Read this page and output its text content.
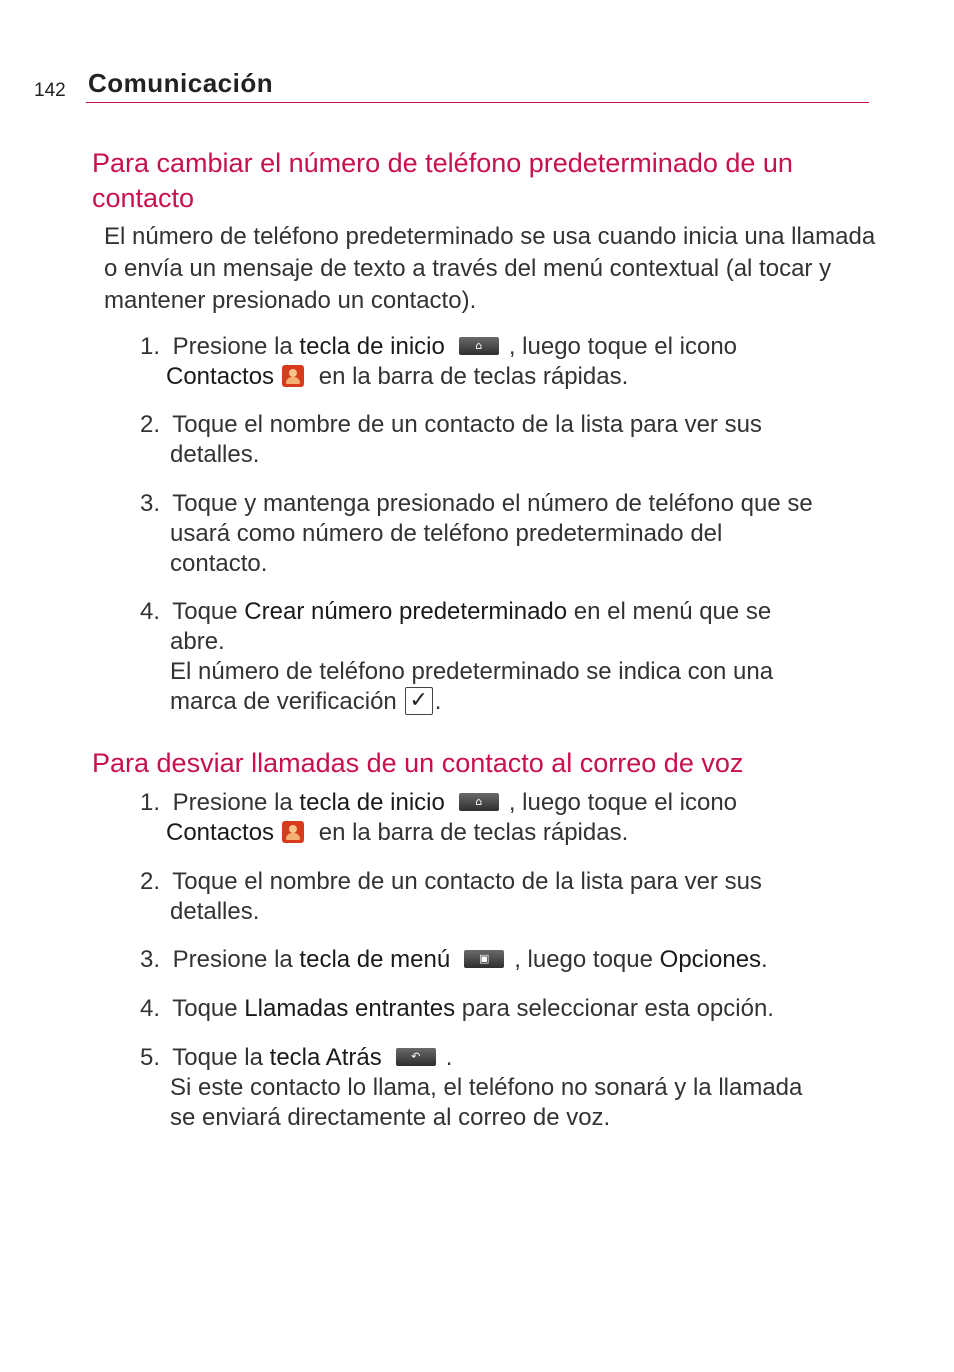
142 Comunicación
Para cambiar el número de teléfono predeterminado de un contacto
El número de teléfono predeterminado se usa cuando inicia una llamada o envía un mensaje de texto a través del menú contextual (al tocar y mantener presionado un contacto).
1. Presione la tecla de inicio	⌂	, luego toque el icono
Contactos en la barra de teclas rápidas.
2. Toque el nombre de un contacto de la lista para ver sus
detalles.
3. Toque y mantenga presionado el número de teléfono que se
usará como número de teléfono predeterminado del
contacto.
4. Toque Crear número predeterminado en el menú que se
abre.
El número de teléfono predeterminado se indica con una
marca de verificación ✓ .
Para desviar llamadas de un contacto al correo de voz
1. Presione la tecla de inicio	⌂	, luego toque el icono
Contactos en la barra de teclas rápidas.
2. Toque el nombre de un contacto de la lista para ver sus
detalles.
3. Presione la tecla de menú	▣	, luego toque Opciones.
4. Toque Llamadas entrantes para seleccionar esta opción.
5. Toque la tecla Atrás	↶	.
Si este contacto lo llama, el teléfono no sonará y la llamada
se enviará directamente al correo de voz.
